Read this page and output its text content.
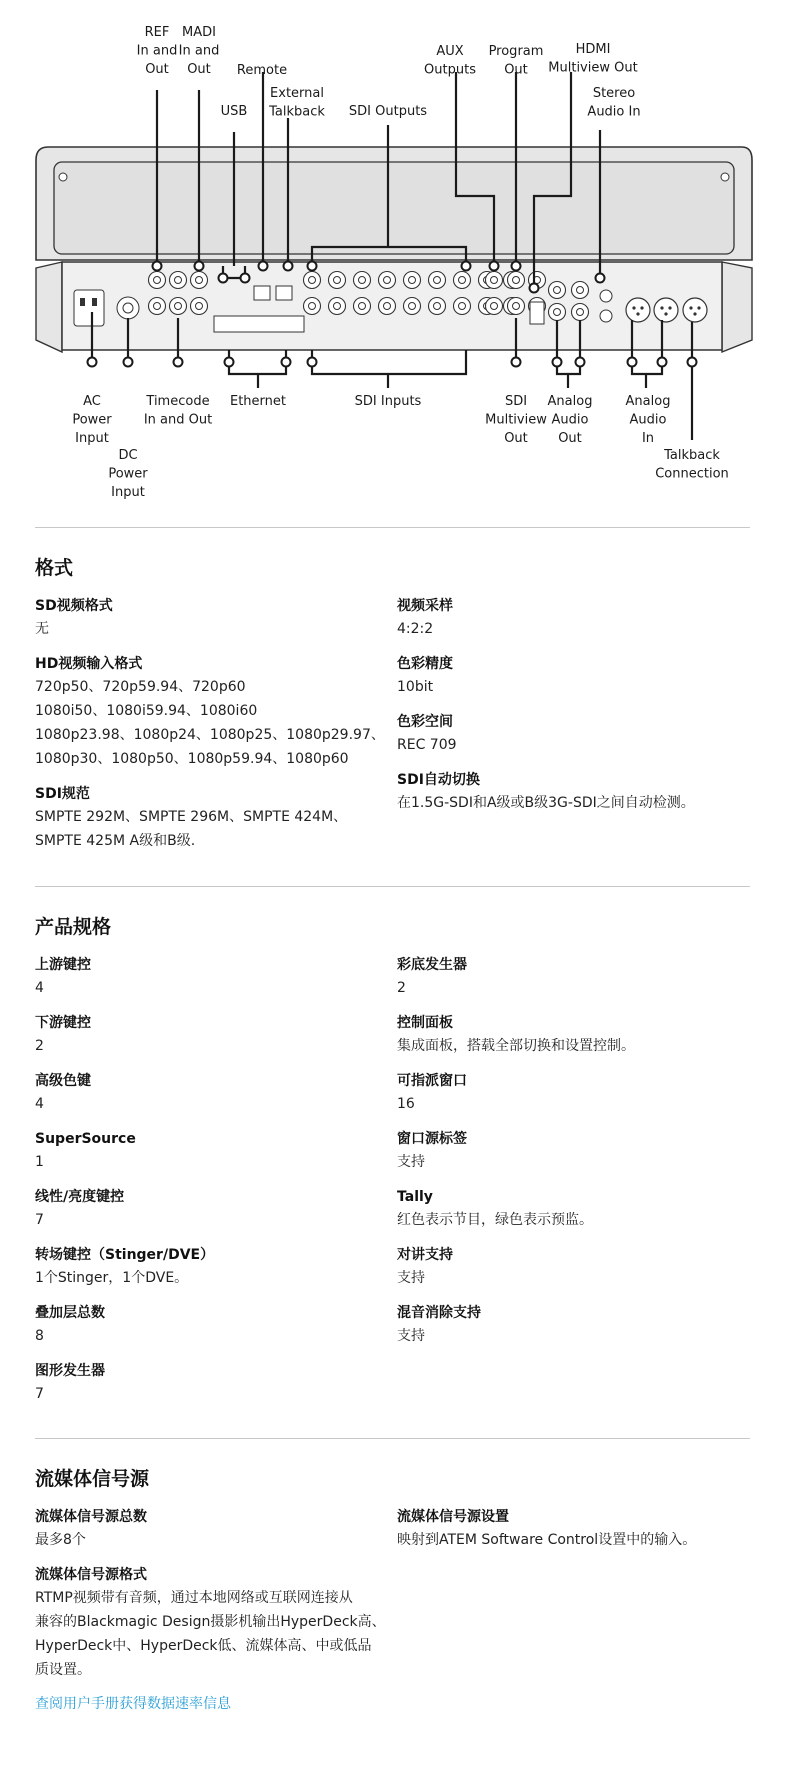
REF In and Out
MADI In and Out	Remote
USB
External Talkback SDI Outputs
AUX Outputs
Program Out
HDMI Multiview Out
Stereo Audio In
AC Power Input
DC Power Input
Timecode In and Out
Ethernet	SDI Inputs	SDI Multiview Out
Analog Audio Out
Analog Audio In
Talkback Connection
格式
SD视频格式
无
HD视频输入格式
720p50、720p59.94、720p60
1080i50、1080i59.94、1080i60
1080p23.98、1080p24、1080p25、1080p29.97、
1080p30、1080p50、1080p59.94、1080p60
SDI规范
SMPTE 292M、SMPTE 296M、SMPTE 424M、
SMPTE 425M A级和B级.
视频采样
4:2:2
色彩精度
10bit
色彩空间
REC 709
SDI自动切换
在1.5G-SDI和A级或B级3G-SDI之间自动检测。
产品规格
上游键控
4
下游键控
2
高级色键
4
SuperSource
1
线性/亮度键控
7
转场键控（Stinger/DVE）
1个Stinger，1个DVE。
叠加层总数
8
图形发生器
7
彩底发生器
2
控制面板
集成面板，搭载全部切换和设置控制。
可指派窗口
16
窗口源标签
支持
Tally
红色表示节目，绿色表示预监。
对讲支持
支持
混音消除支持
支持
流媒体信号源
流媒体信号源总数
最多8个
流媒体信号源格式
RTMP视频带有音频，通过本地网络或互联网连接从
兼容的Blackmagic Design摄影机输出HyperDeck高、
HyperDeck中、HyperDeck低、流媒体高、中或低品
质设置。
流媒体信号源设置
映射到ATEM Software Control设置中的输入。
查阅用户手册获得数据速率信息
